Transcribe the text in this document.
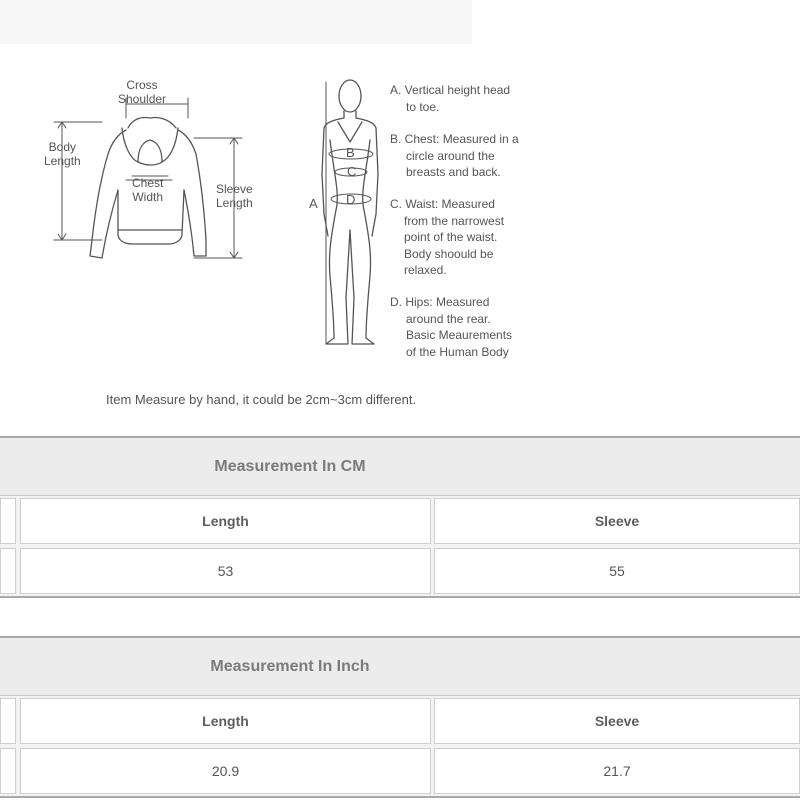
Cross
Shoulder
Body
Length
Chest
Width
Sleeve
Length	A
B
C
D
A. Vertical height head
to toe.
B. Chest: Measured in a
circle around the
breasts and back.
C. Waist: Measured
from the narrowest
point of the waist.
Body shoould be
relaxed.
D. Hips: Measured
around the rear.
Basic Meaurements
of the Human Body
Item Measure by hand, it could be 2cm~3cm different.
Measurement In CM
Length	Sleeve
53	55
Measurement In Inch
Length	Sleeve
20.9	21.7
